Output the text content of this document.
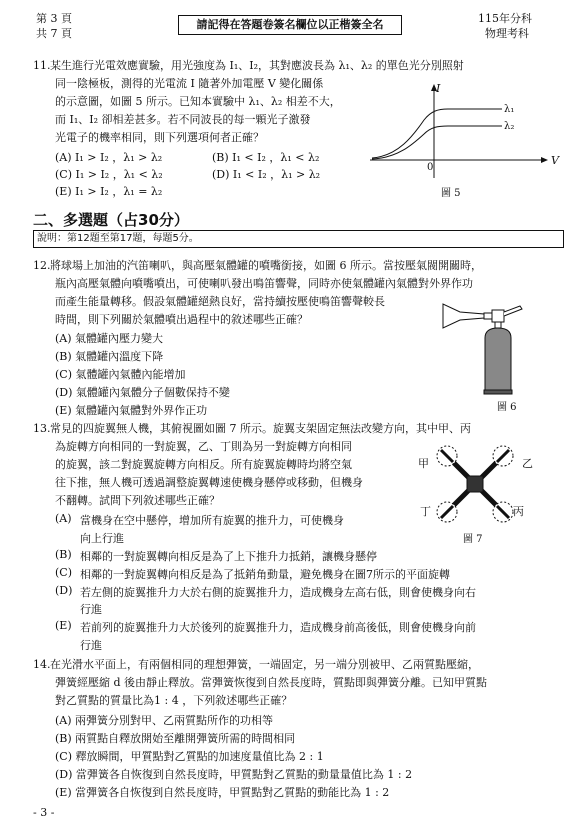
第 3 頁
共 7 頁
請記得在答題卷簽名欄位以正楷簽全名	115年分科
物理考科
11. 某生進行光電效應實驗，用光強度為 I₁、I₂，其對應波長為 λ₁、λ₂ 的單色光分別照射
同一陰極板，測得的光電流 I 隨著外加電壓 V 變化關係
的示意圖，如圖 5 所示。已知本實驗中 λ₁、λ₂ 相差不大，
而 I₁、I₂ 卻相差甚多。若不同波長的每一顆光子激發
光電子的機率相同，則下列選項何者正確？
(A) I₁ > I₂ ，λ₁ > λ₂	(B) I₁ < I₂ ，λ₁ < λ₂
(C) I₁ > I₂ ，λ₁ < λ₂	(D) I₁ < I₂ ，λ₁ > λ₂
(E) I₁ > I₂ ，λ₁ = λ₂
I
V
0
λ₁
λ₂
圖 5
二、多選題（占30分）
說明：第12題至第17題，每題5分。
12. 將球場上加油的汽笛喇叭，與高壓氣體罐的噴嘴銜接，如圖 6 所示。當按壓氣閥開關時，
瓶內高壓氣體向噴嘴噴出，可使喇叭發出鳴笛響聲，同時亦使氣體罐內氣體對外界作功
而產生能量轉移。假設氣體罐絕熱良好，當持續按壓使鳴笛響聲較長
時間，則下列關於氣體噴出過程中的敘述哪些正確？
(A) 氣體罐內壓力變大
(B) 氣體罐內溫度下降
(C) 氣體罐內氣體內能增加
(D) 氣體罐內氣體分子個數保持不變
(E) 氣體罐內氣體對外界作正功	圖 6
13. 常見的四旋翼無人機，其俯視圖如圖 7 所示。旋翼支架固定無法改變方向，其中甲、丙
為旋轉方向相同的一對旋翼，乙、丁則為另一對旋轉方向相同
的旋翼，該二對旋翼旋轉方向相反。所有旋翼旋轉時均將空氣
往下推，無人機可透過調整旋翼轉速使機身懸停或移動，但機身
不翻轉。試問下列敘述哪些正確？
(A) 當機身在空中懸停，增加所有旋翼的推升力，可使機身
向上行進
(B) 相鄰的一對旋翼轉向相反是為了上下推升力抵銷，讓機身懸停
(C) 相鄰的一對旋翼轉向相反是為了抵銷角動量，避免機身在圖7所示的平面旋轉
(D) 若左側的旋翼推升力大於右側的旋翼推升力，造成機身左高右低，則會使機身向右
行進
(E) 若前列的旋翼推升力大於後列的旋翼推升力，造成機身前高後低，則會使機身向前
行進
甲	乙
丁	丙
圖 7
14. 在光滑水平面上，有兩個相同的理想彈簧，一端固定，另一端分別被甲、乙兩質點壓縮，
彈簧經壓縮 d 後由靜止釋放。當彈簧恢復到自然長度時，質點即與彈簧分離。已知甲質點
對乙質點的質量比為1 : 4 ，下列敘述哪些正確？
(A) 兩彈簧分別對甲、乙兩質點所作的功相等
(B) 兩質點自釋放開始至離開彈簧所需的時間相同
(C) 釋放瞬間，甲質點對乙質點的加速度量值比為 2 : 1
(D) 當彈簧各自恢復到自然長度時，甲質點對乙質點的動量量值比為 1 : 2
(E) 當彈簧各自恢復到自然長度時，甲質點對乙質點的動能比為 1 : 2
- 3 -
